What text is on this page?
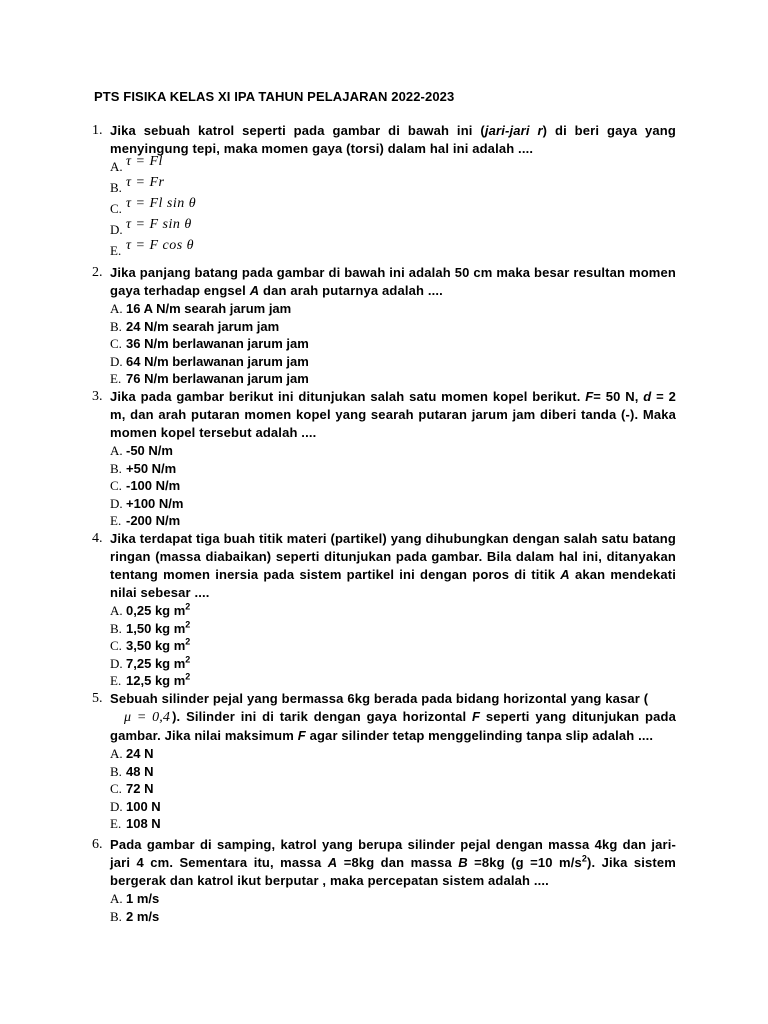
PTS FISIKA KELAS XI IPA TAHUN PELAJARAN 2022-2023
1. Jika sebuah katrol seperti pada gambar di bawah ini (jari-jari r) di beri gaya yang menyingung tepi, maka momen gaya (torsi) dalam hal ini adalah ....
A. τ = Fl
B. τ = Fr
C. τ = Fl sin θ
D. τ = F sin θ
E. τ = F cos θ
2. Jika panjang batang pada gambar di bawah ini adalah 50 cm maka besar resultan momen gaya terhadap engsel A dan arah putarnya adalah ....
A. 16 A N/m searah jarum jam
B. 24 N/m searah jarum jam
C. 36 N/m berlawanan jarum jam
D. 64 N/m berlawanan jarum jam
E. 76 N/m berlawanan jarum jam
3. Jika pada gambar berikut ini ditunjukan salah satu momen kopel berikut. F= 50 N, d = 2 m, dan arah putaran momen kopel yang searah putaran jarum jam diberi tanda (-). Maka momen kopel tersebut adalah ....
A. -50 N/m
B. +50 N/m
C. -100 N/m
D. +100 N/m
E. -200 N/m
4. Jika terdapat tiga buah titik materi (partikel) yang dihubungkan dengan salah satu batang ringan (massa diabaikan) seperti ditunjukan pada gambar. Bila dalam hal ini, ditanyakan tentang momen inersia pada sistem partikel ini dengan poros di titik A akan mendekati nilai sebesar ....
A. 0,25 kg $m^2$
B. 1,50 kg $m^2$
C. 3,50 kg $m^2$
D. 7,25 kg $m^2$
E. 12,5 kg $m^2$
5. Sebuah silinder pejal yang bermassa 6kg berada pada bidang horizontal yang kasar (
μ = 0,4 ). Silinder ini di tarik dengan gaya horizontal F seperti yang ditunjukan pada gambar. Jika nilai maksimum F agar silinder tetap menggelinding tanpa slip adalah ....
A. 24 N
B. 48 N
C. 72 N
D. 100 N
E. 108 N
6. Pada gambar di samping, katrol yang berupa silinder pejal dengan massa 4kg dan jari-jari 4 cm. Sementara itu, massa A =8kg dan massa B =8kg (g =10 $m/s^2$). Jika sistem bergerak dan katrol ikut berputar , maka percepatan sistem adalah ....
A. 1 m/s
B. 2 m/s
